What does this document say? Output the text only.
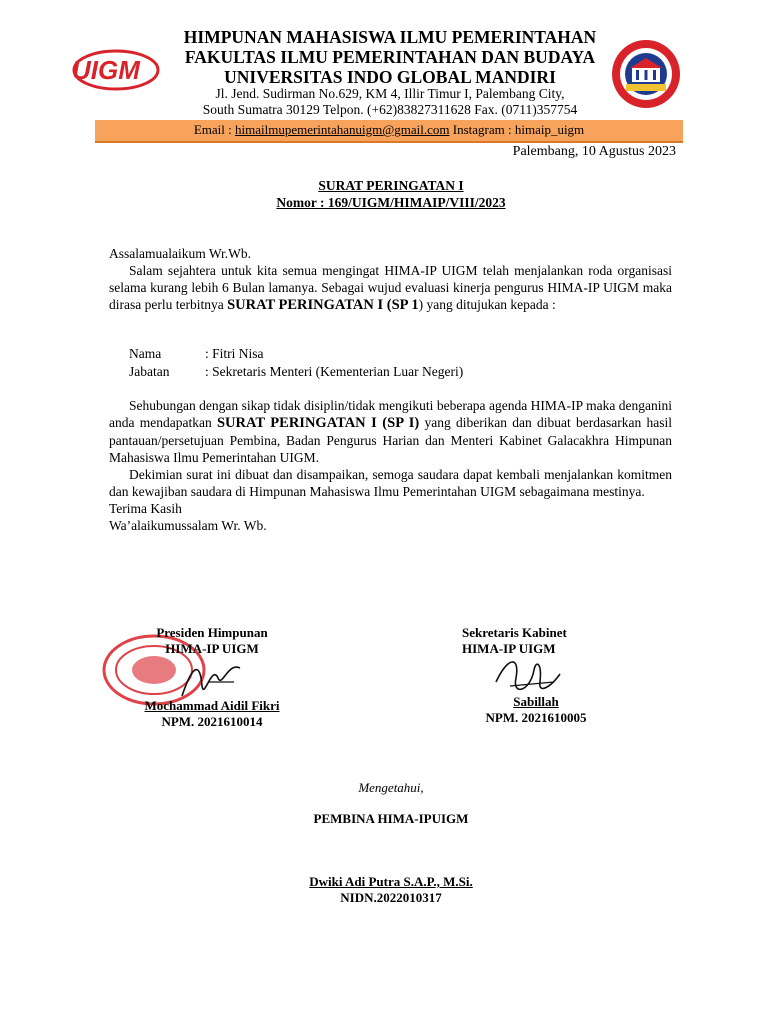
UIGM
HIMPUNAN MAHASISWA ILMU PEMERINTAHAN
FAKULTAS ILMU PEMERINTAHAN DAN BUDAYA
UNIVERSITAS INDO GLOBAL MANDIRI
Jl. Jend. Sudirman No.629, KM 4, Illir Timur I, Palembang City,
South Sumatra 30129 Telpon. (+62)83827311628 Fax. (0711)357754
Email : himailmupemerintahanuigm@gmail.com Instagram : himaip_uigm
Palembang, 10 Agustus 2023
SURAT PERINGATAN I
Nomor : 169/UIGM/HIMAIP/VIII/2023

Assalamualaikum Wr.Wb.

Salam sejahtera untuk kita semua mengingat HIMA-IP UIGM telah menjalankan roda organisasi selama kurang lebih 6 Bulan lamanya. Sebagai wujud evaluasi kinerja pengurus HIMA-IP UIGM maka dirasa perlu terbitnya SURAT PERINGATAN I (SP 1) yang ditujukan kepada :

Nama	: Fitri Nisa
Jabatan	: Sekretaris Menteri (Kementerian Luar Negeri)

Sehubungan dengan sikap tidak disiplin/tidak mengikuti beberapa agenda HIMA-IP maka denganini anda mendapatkan SURAT PERINGATAN I (SP I) yang diberikan dan dibuat berdasarkan hasil pantauan/persetujuan Pembina, Badan Pengurus Harian dan Menteri Kabinet Galacakhra Himpunan Mahasiswa Ilmu Pemerintahan UIGM.

Dekimian surat ini dibuat dan disampaikan, semoga saudara dapat kembali menjalankan komitmen dan kewajiban saudara di Himpunan Mahasiswa Ilmu Pemerintahan UIGM sebagaimana mestinya.

Terima Kasih

Wa’alaikumussalam Wr. Wb.

Presiden Himpunan
HIMA-IP UIGM
Mochammad Aidil Fikri
NPM. 2021610014
Sekretaris Kabinet
HIMA-IP UIGM
Sabillah
NPM. 2021610005
Mengetahui,
PEMBINA HIMA-IPUIGM
Dwiki Adi Putra S.A.P., M.Si.
NIDN.2022010317
